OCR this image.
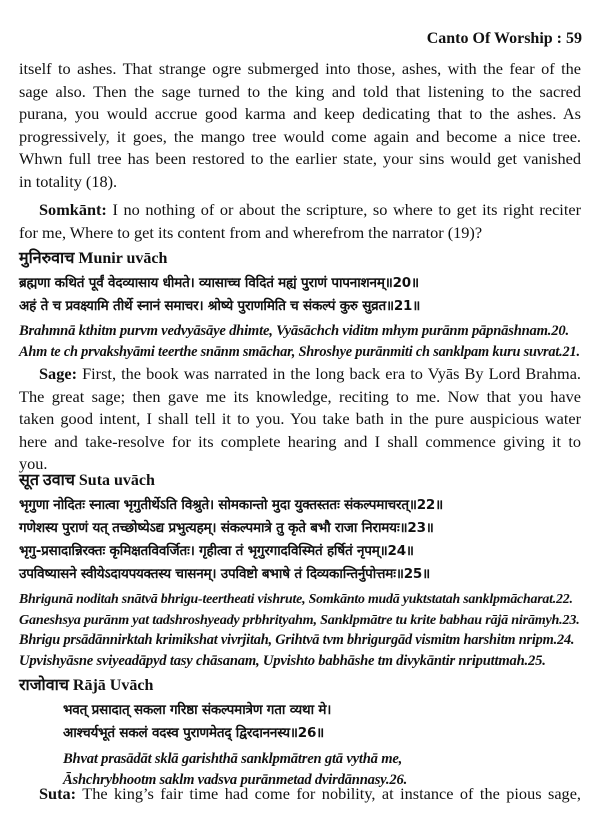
Canto Of Worship : 59

itself to ashes. That strange ogre submerged into those, ashes, with the fear of the

sage also. Then the sage turned to the king and told that listening to the sacred

purana, you would accrue good karma and keep dedicating that to the ashes. As

progressively, it goes, the mango tree would come again and become a nice tree.

Whwn full tree has been restored to the earlier state, your sins would get vanished

in totality (18).

Somkānt: I no nothing of or about the scripture, so where to get its right reciter

for me, Where to get its content from and wherefrom the narrator (19)?

मुनिरुवाच Munir uvāch

ब्रह्मणा कथितं पूर्वं वेदव्यासाय धीमते। व्यासाच्च विदितं मह्यं पुराणं पापनाशनम्॥20॥

अहं ते च प्रवक्ष्यामि तीर्थे स्नानं समाचर। श्रोष्ये पुराणमिति च संकल्पं कुरु सुव्रत॥21॥

Brahmnā kthitm purvm vedvyāsāye dhimte, Vyāsāchch viditm mhym purānm pāpnāshnam.20.

Ahm te ch prvakshyāmi teerthe snānm smāchar, Shroshye purānmiti ch sanklpam kuru suvrat.21.

Sage: First, the book was narrated in the long back era to Vyās By Lord Brahma.

The great sage; then gave me its knowledge, reciting to me. Now that you have

taken good intent, I shall tell it to you. You take bath in the pure auspicious water

here and take-resolve for its complete hearing and I shall commence giving it to

you.

सूत उवाच Suta uvāch

भृगुणा नोदितः स्नात्वा भृगुतीर्थेऽति विश्रुते। सोमकान्तो मुदा युक्तस्ततः संकल्पमाचरत्॥22॥

गणेशस्य पुराणं यत् तच्छोष्येऽद्य प्रभुत्यहम्। संकल्पमात्रे तु कृते बभौ राजा निरामयः॥23॥

भृगु-प्रसादान्निरक्तः कृमिक्षतविवर्जितः। गृहीत्वा तं भृगुरगादविस्मितं हर्षितं नृपम्॥24॥

उपविष्यासने स्वीयेऽदायपयक्तस्य चासनम्। उपविष्टो बभाषे तं दिव्यकान्तिर्नुपोत्तमः॥25॥

Bhrigunā noditah snātvā bhrigu-teertheati vishrute, Somkānto mudā yuktstatah sanklpmācharat.22.

Ganeshsya purānm yat tadshroshyeady prbhrityahm, Sanklpmātre tu krite babhau rājā nirāmyh.23.

Bhrigu prsādānnirktah krimikshat vivrjitah, Grihtvā tvm bhrigurgād vismitm harshitm nripm.24.

Upvishyāsne sviyeadāpyd tasy chāsanam, Upvishto babhāshe tm divykāntir nriputtmah.25.

राजोवाच Rājā Uvāch

भवत् प्रसादात् सकला गरिष्ठा संकल्पमात्रेण गता व्यथा मे।

आश्चर्यभूतं सकलं वदस्व पुराणमेतद् द्विरदाननस्य॥26॥

Bhvat prasādāt sklā garishthā sanklpmātren gtā vythā me,

Āshchrybhootm saklm vadsva purānmetad dvirdānnasy.26.

Suta: The king’s fair time had come for nobility, at instance of the pious sage,
